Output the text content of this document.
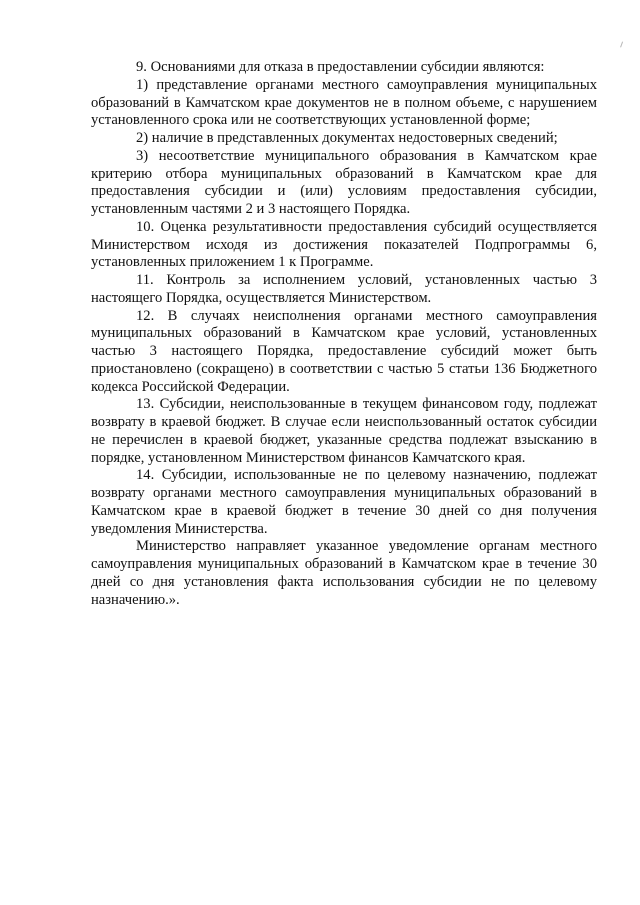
9. Основаниями для отказа в предоставлении субсидии являются:

1) представление органами местного самоуправления муниципальных образований в Камчатском крае документов не в полном объеме, с нарушением установленного срока или не соответствующих установленной форме;

2) наличие в представленных документах недостоверных сведений;

3) несоответствие муниципального образования в Камчатском крае критерию отбора муниципальных образований в Камчатском крае для предоставления субсидии и (или) условиям предоставления субсидии, установленным частями 2 и 3 настоящего Порядка.

10. Оценка результативности предоставления субсидий осуществляется Министерством исходя из достижения показателей Подпрограммы 6, установленных приложением 1 к Программе.

11. Контроль за исполнением условий, установленных частью 3 настоящего Порядка, осуществляется Министерством.

12. В случаях неисполнения органами местного самоуправления муниципальных образований в Камчатском крае условий, установленных частью 3 настоящего Порядка, предоставление субсидий может быть приостановлено (сокращено) в соответствии с частью 5 статьи 136 Бюджетного кодекса Российской Федерации.

13. Субсидии, неиспользованные в текущем финансовом году, подлежат возврату в краевой бюджет. В случае если неиспользованный остаток субсидии не перечислен в краевой бюджет, указанные средства подлежат взысканию в порядке, установленном Министерством финансов Камчатского края.

14. Субсидии, использованные не по целевому назначению, подлежат возврату органами местного самоуправления муниципальных образований в Камчатском крае в краевой бюджет в течение 30 дней со дня получения уведомления Министерства.

Министерство направляет указанное уведомление органам местного самоуправления муниципальных образований в Камчатском крае в течение 30 дней со дня установления факта использования субсидии не по целевому назначению.».
